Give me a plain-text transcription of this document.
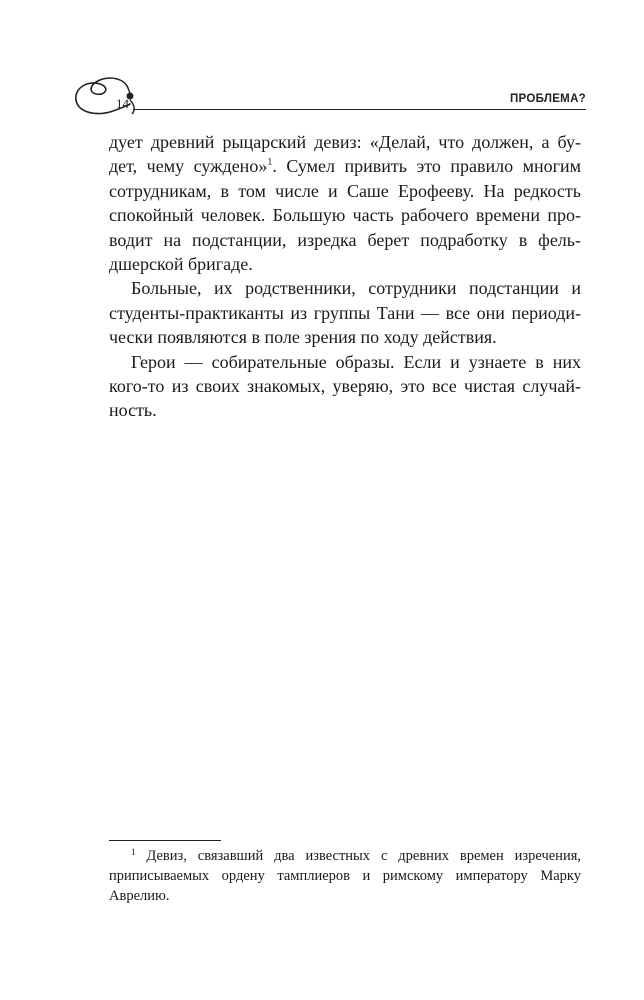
14	ПРОБЛЕМА?
дует древний рыцарский девиз: «Делай, что должен, а бу-
дет, чему суждено»$^1$. Сумел привить это правило многим
сотрудникам, в том числе и Саше Ерофееву. На редкость
спокойный человек. Большую часть рабочего времени про-
водит на подстанции, изредка берет подработку в фель-
дшерской бригаде.
Больные, их родственники, сотрудники подстанции и
студенты-практиканты из группы Тани — все они периоди-
чески появляются в поле зрения по ходу действия.
Герои — собирательные образы. Если и узнаете в них
кого-то из своих знакомых, уверяю, это все чистая случай-
ность.
$^1$ Девиз, связавший два известных с древних времен изречения,
приписываемых ордену тамплиеров и римскому императору Марку
Аврелию.
